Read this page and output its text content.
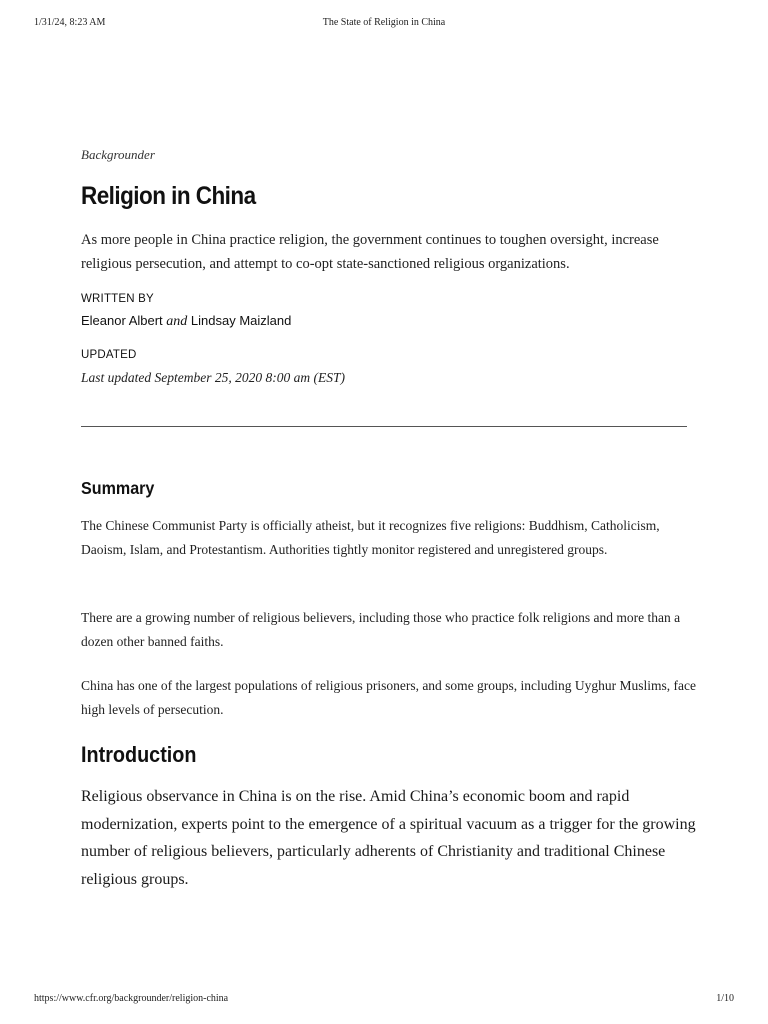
1/31/24, 8:23 AM	The State of Religion in China
Backgrounder
Religion in China

As more people in China practice religion, the government continues to toughen oversight, increase religious persecution, and attempt to co-opt state-sanctioned religious organizations.

WRITTEN BY
Eleanor Albert and Lindsay Maizland
UPDATED
Last updated September 25, 2020 8:00 am (EST)
Summary

The Chinese Communist Party is officially atheist, but it recognizes five religions: Buddhism, Catholicism, Daoism, Islam, and Protestantism. Authorities tightly monitor registered and unregistered groups.

There are a growing number of religious believers, including those who practice folk religions and more than a dozen other banned faiths.

China has one of the largest populations of religious prisoners, and some groups, including Uyghur Muslims, face high levels of persecution.

Introduction

Religious observance in China is on the rise. Amid China’s economic boom and rapid modernization, experts point to the emergence of a spiritual vacuum as a trigger for the growing number of religious believers, particularly adherents of Christianity and traditional Chinese religious groups.

https://www.cfr.org/backgrounder/religion-china	1/10
